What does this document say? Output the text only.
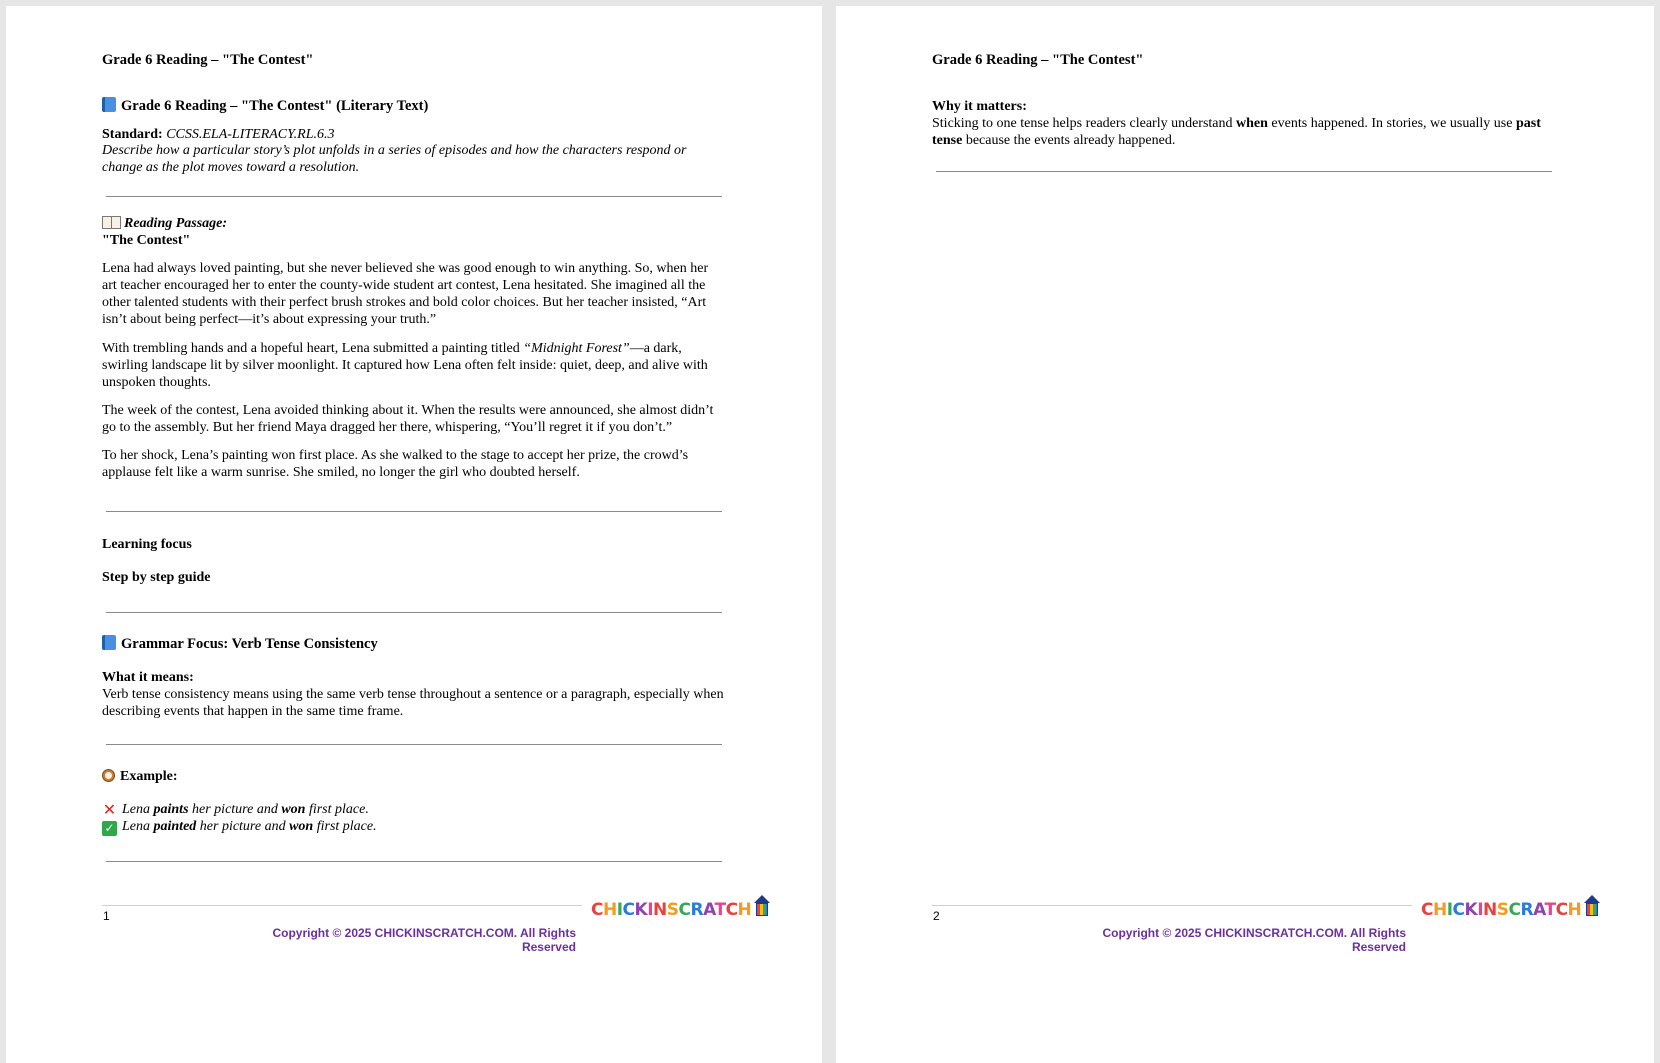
Grade 6 Reading – "The Contest"
Grade 6 Reading – "The Contest" (Literary Text)

Standard: CCSS.ELA-LITERACY.RL.6.3

Describe how a particular story’s plot unfolds in a series of episodes and how the characters respond or change as the plot moves toward a resolution.

Reading Passage:

"The Contest"

Lena had always loved painting, but she never believed she was good enough to win anything. So, when her art teacher encouraged her to enter the county-wide student art contest, Lena hesitated. She imagined all the other talented students with their perfect brush strokes and bold color choices. But her teacher insisted, “Art isn’t about being perfect—it’s about expressing your truth.”

With trembling hands and a hopeful heart, Lena submitted a painting titled “Midnight Forest”—a dark, swirling landscape lit by silver moonlight. It captured how Lena often felt inside: quiet, deep, and alive with unspoken thoughts.

The week of the contest, Lena avoided thinking about it. When the results were announced, she almost didn’t go to the assembly. But her friend Maya dragged her there, whispering, “You’ll regret it if you don’t.”

To her shock, Lena’s painting won first place. As she walked to the stage to accept her prize, the crowd’s applause felt like a warm sunrise. She smiled, no longer the girl who doubted herself.

Learning focus
Step by step guide
Grammar Focus: Verb Tense Consistency

What it means:

Verb tense consistency means using the same verb tense throughout a sentence or a paragraph, especially when describing events that happen in the same time frame.

Example:

✕ Lena paints her picture and won first place.

✓ Lena painted her picture and won first place.

1
Copyright © 2025 CHICKINSCRATCH.COM. All Rights Reserved
CHICKINSCRATCH
Grade 6 Reading – "The Contest"

Why it matters:

Sticking to one tense helps readers clearly understand when events happened. In stories, we usually use past tense because the events already happened.

2
Copyright © 2025 CHICKINSCRATCH.COM. All Rights Reserved
CHICKINSCRATCH
